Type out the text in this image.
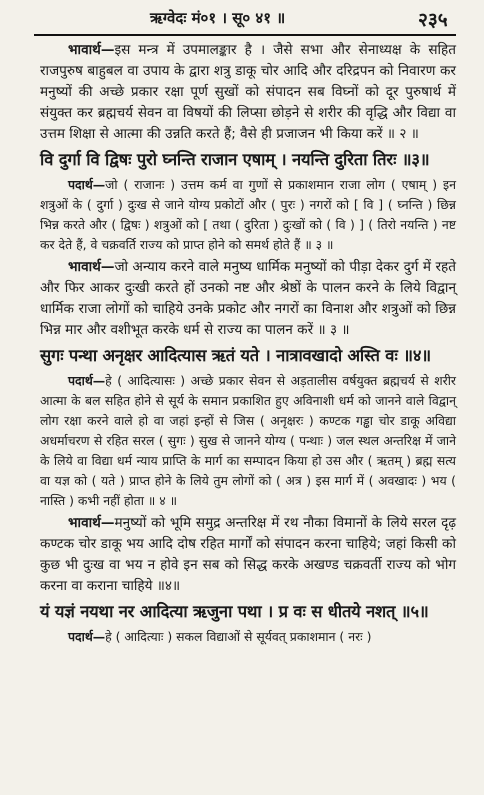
ऋग्वेदः मं०१ । सू० ४१ ॥	२३५

भावार्थ—इस मन्त्र में उपमालङ्कार है । जैसे सभा और सेनाध्यक्ष के सहित राजपुरुष बाहुबल वा उपाय के द्वारा शत्रु डाकू चोर आदि और दरिद्रपन को निवारण कर मनुष्यों की अच्छे प्रकार रक्षा पूर्ण सुखों को संपादन सब विघ्नों को दूर पुरुषार्थ में संयुक्त कर ब्रह्मचर्य सेवन वा विषयों की लिप्सा छोड़ने से शरीर की वृद्धि और विद्या वा उत्तम शिक्षा से आत्मा की उन्नति करते हैं; वैसे ही प्रजाजन भी किया करें ॥ २ ॥

वि दुर्गा वि द्विषः पुरो घ्नन्ति राजान एषाम् । नयन्ति दुरिता तिरः ॥३॥

पदार्थ—जो ( राजानः ) उत्तम कर्म वा गुणों से प्रकाशमान राजा लोग ( एषाम् ) इन शत्रुओं के ( दुर्गा ) दुःख से जाने योग्य प्रकोटों और ( पुरः ) नगरों को [ वि ] ( घ्नन्ति ) छिन्न भिन्न करते और ( द्विषः ) शत्रुओं को [ तथा ( दुरिता ) दुःखों को ( वि ) ] ( तिरो नयन्ति ) नष्ट कर देते हैं, वे चक्रवर्ति राज्य को प्राप्त होने को समर्थ होते हैं ॥ ३ ॥

भावार्थ—जो अन्याय करने वाले मनुष्य धार्मिक मनुष्यों को पीड़ा देकर दुर्ग में रहते और फिर आकर दुःखी करते हों उनको नष्ट और श्रेष्ठों के पालन करने के लिये विद्वान् धार्मिक राजा लोगों को चाहिये उनके प्रकोट और नगरों का विनाश और शत्रुओं को छिन्न भिन्न मार और वशीभूत करके धर्म से राज्य का पालन करें ॥ ३ ॥

सुगः पन्था अनृक्षर आदित्यास ऋतं यते । नात्रावखादो अस्ति वः ॥४॥

पदार्थ—हे ( आदित्यासः ) अच्छे प्रकार सेवन से अड़तालीस वर्षयुक्त ब्रह्मचर्य से शरीर आत्मा के बल सहित होने से सूर्य के समान प्रकाशित हुए अविनाशी धर्म को जानने वाले विद्वान् लोग रक्षा करने वाले हो वा जहां इन्हों से जिस ( अनृक्षरः ) कण्टक गड्ढा चोर डाकू अविद्या अधर्माचरण से रहित सरल ( सुगः ) सुख से जानने योग्य ( पन्थाः ) जल स्थल अन्तरिक्ष में जाने के लिये वा विद्या धर्म न्याय प्राप्ति के मार्ग का सम्पादन किया हो उस और ( ऋतम् ) ब्रह्म सत्य वा यज्ञ को ( यते ) प्राप्त होने के लिये तुम लोगों को ( अत्र ) इस मार्ग में ( अवखादः ) भय ( नास्ति ) कभी नहीं होता ॥ ४ ॥

भावार्थ—मनुष्यों को भूमि समुद्र अन्तरिक्ष में रथ नौका विमानों के लिये सरल दृढ़ कण्टक चोर डाकू भय आदि दोष रहित मार्गों को संपादन करना चाहिये; जहां किसी को कुछ भी दुःख वा भय न होवे इन सब को सिद्ध करके अखण्ड चक्रवर्ती राज्य को भोग करना वा कराना चाहिये ॥४॥

यं यज्ञं नयथा नर आदित्या ऋजुना पथा । प्र वः स धीतये नशत् ॥५॥

पदार्थ—हे ( आदित्याः ) सकल विद्याओं से सूर्यवत् प्रकाशमान ( नरः )
